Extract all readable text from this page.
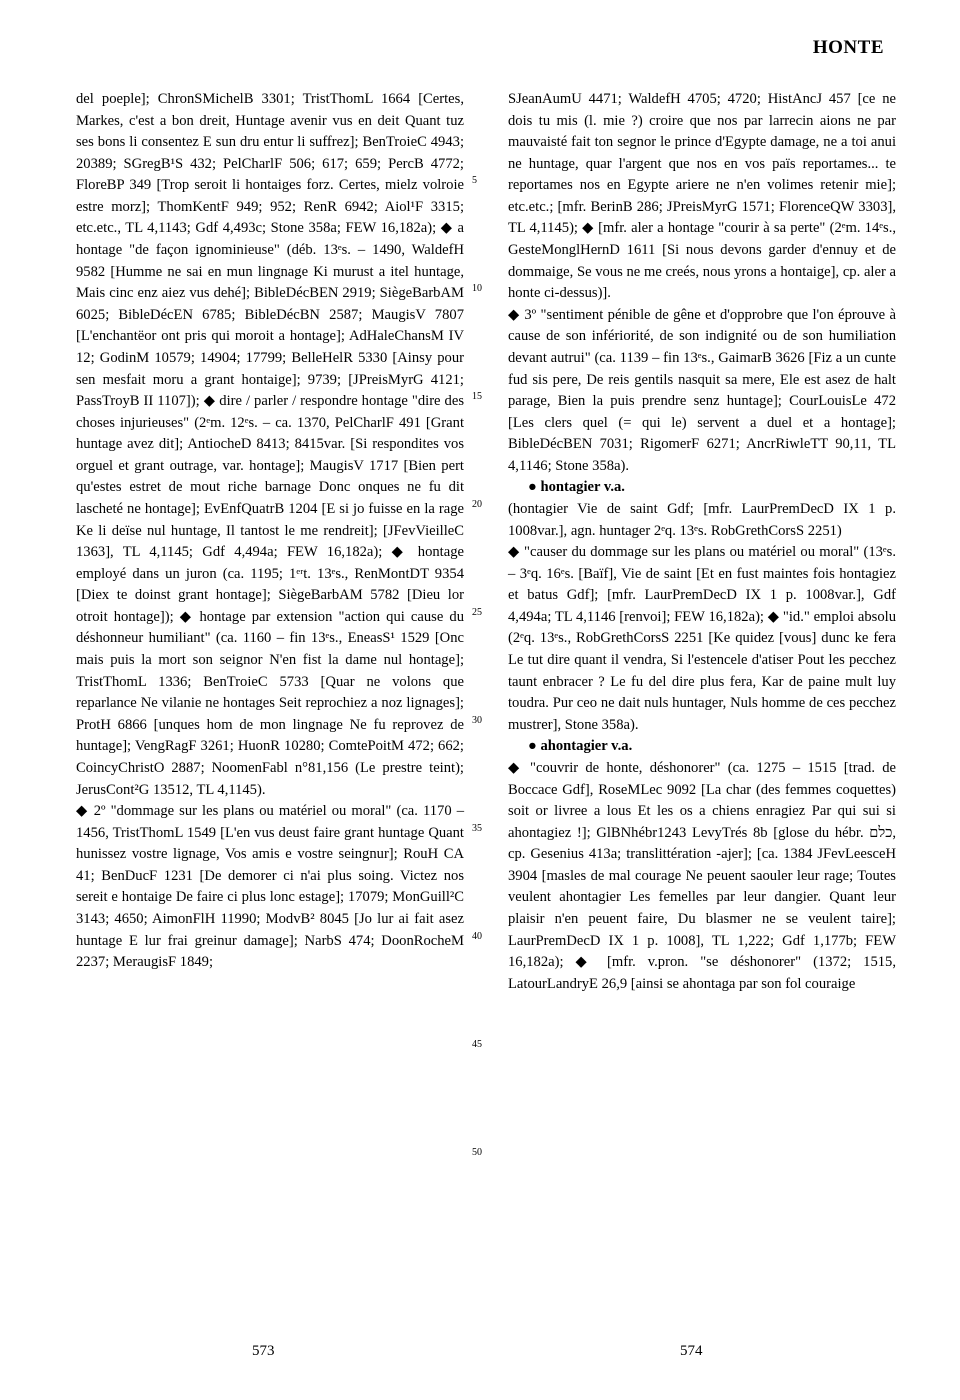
HONTE

del poeple]; ChronSMichelB 3301; TristThomL 1664 [Certes, Markes, c'est a bon dreit, Huntage avenir vus en deit Quant tuz ses bons li consentez E sun dru entur li suffrez]; BenTroieC 4943; 20389; SGregB¹S 432; PelCharlF 506; 617; 659; PercB 4772; FloreBP 349 [Trop seroit li hontaiges forz. Certes, mielz volroie estre morz]; ThomKentF 949; 952; RenR 6942; Aiol¹F 3315; etc.etc., TL 4,1143; Gdf 4,493c; Stone 358a; FEW 16,182a); ◆ a hontage "de façon ignominieuse" (déb. 13ᵉs. – 1490, WaldefH 9582 [Humme ne sai en mun lingnage Ki murust a itel huntage, Mais cinc enz aiez vus dehé]; BibleDécBEN 2919; SiègeBarbAM 6025; BibleDécEN 6785; BibleDécBN 2587; MaugisV 7807 [L'enchantëor ont pris qui moroit a hontage]; AdHaleChansM IV 12; GodinM 10579; 14904; 17799; BelleHelR 5330 [Ainsy pour sen mesfait moru a grant hontaige]; 9739; [JPreisMyrG 4121; PassTroyB II 1107]); ◆ dire / parler / respondre hontage "dire des choses injurieuses" (2ᵉm. 12ᵉs. – ca. 1370, PelCharlF 491 [Grant huntage avez dit]; AntiocheD 8413; 8415var. [Si respondites vos orguel et grant outrage, var. hontage]; MaugisV 1717 [Bien pert qu'estes estret de mout riche barnage Donc onques ne fu dit lascheté ne hontage]; EvEnfQuatrB 1204 [E si jo fuisse en la rage Ke li deïse nul huntage, Il tantost le me rendreit]; [JFevVieilleC 1363], TL 4,1145; Gdf 4,494a; FEW 16,182a); ◆ hontage employé dans un juron (ca. 1195; 1ᵉʳt. 13ᵉs., RenMontDT 9354 [Diex te doinst grant hontage]; SiègeBarbAM 5782 [Dieu lor otroit hontage]); ◆ hontage par extension "action qui cause du déshonneur humiliant" (ca. 1160 – fin 13ᵉs., EneasS¹ 1529 [Onc mais puis la mort son seignor N'en fist la dame nul hontage]; TristThomL 1336; BenTroieC 5733 [Quar ne volons que reparlance Ne vilanie ne hontages Seit reprochiez a noz lignages]; ProtH 6866 [unques hom de mon lingnage Ne fu reprovez de huntage]; VengRagF 3261; HuonR 10280; ComtePoitM 472; 662; CoincyChristO 2887; NoomenFabl n°81,156 (Le prestre teint); JerusCont²G 13512, TL 4,1145).

◆ 2º "dommage sur les plans ou matériel ou moral" (ca. 1170 – 1456, TristThomL 1549 [L'en vus deust faire grant huntage Quant hunissez vostre lignage, Vos amis e vostre seingnur]; RouH CA 41; BenDucF 1231 [De demorer ci n'ai plus soing. Victez nos sereit e hontaige De faire ci plus lonc estage]; 17079; MonGuill²C 3143; 4650; AimonFlH 11990; ModvB² 8045 [Jo lur ai fait asez huntage E lur frai greinur damage]; NarbS 474; DoonRocheM 2237; MeraugisF 1849;

5
10
15
20
25
30
35
40
45
50

SJeanAumU 4471; WaldefH 4705; 4720; HistAncJ 457 [ce ne dois tu mis (l. mie ?) croire que nos par larrecin aions ne par mauvaisté fait ton segnor le prince d'Egypte damage, ne a toi anui ne huntage, quar l'argent que nos en vos païs reportames... te reportames nos en Egypte ariere ne n'en volimes retenir mie]; etc.etc.; [mfr. BerinB 286; JPreisMyrG 1571; FlorenceQW 3303], TL 4,1145); ◆ [mfr. aler a hontage "courir à sa perte" (2ᵉm. 14ᵉs., GesteMonglHernD 1611 [Si nous devons garder d'ennuy et de dommaige, Se vous ne me creés, nous yrons a hontaige], cp. aler a honte ci-dessus)].

◆ 3º "sentiment pénible de gêne et d'opprobre que l'on éprouve à cause de son infériorité, de son indignité ou de son humiliation devant autrui" (ca. 1139 – fin 13ᵉs., GaimarB 3626 [Fiz a un cunte fud sis pere, De reis gentils nasquit sa mere, Ele est asez de halt parage, Bien la puis prendre senz huntage]; CourLouisLe 472 [Les clers quel (= qui le) servent a duel et a hontage]; BibleDécBEN 7031; RigomerF 6271; AncrRiwleTT 90,11, TL 4,1146; Stone 358a).

● hontagier v.a.

(hontagier Vie de saint Gdf; [mfr. LaurPremDecD IX 1 p. 1008var.], agn. huntager 2ᵉq. 13ᵉs. RobGrethCorsS 2251)

◆ "causer du dommage sur les plans ou matériel ou moral" (13ᵉs. – 3ᵉq. 16ᵉs. [Baïf], Vie de saint [Et en fust maintes fois hontagiez et batus Gdf]; [mfr. LaurPremDecD IX 1 p. 1008var.], Gdf 4,494a; TL 4,1146 [renvoi]; FEW 16,182a); ◆ "id." emploi absolu (2ᵉq. 13ᵉs., RobGrethCorsS 2251 [Ke quidez [vous] dunc ke fera Le tut dire quant il vendra, Si l'estencele d'atiser Pout les pecchez taunt enbracer ? Le fu del dire plus fera, Kar de paine mult luy toudra. Pur ceo ne dait nuls huntager, Nuls homme de ces pecchez mustrer], Stone 358a).

● ahontagier v.a.

◆ "couvrir de honte, déshonorer" (ca. 1275 – 1515 [trad. de Boccace Gdf], RoseMLec 9092 [La char (des femmes coquettes) soit or livree a lous Et les os a chiens enragiez Par qui sui si ahontagiez !]; GlBNhébr1243 LevyTrés 8b [glose du hébr. כלם, cp. Gesenius 413a; translittération -ajer]; [ca. 1384 JFevLeesceH 3904 [masles de mal courage Ne peuent saouler leur rage; Toutes veulent ahontagier Les femelles par leur dangier. Quant leur plaisir n'en peuent faire, Du blasmer ne se veulent taire]; LaurPremDecD IX 1 p. 1008], TL 1,222; Gdf 1,177b; FEW 16,182a); ◆ [mfr. v.pron. "se déshonorer" (1372; 1515, LatourLandryE 26,9 [ainsi se ahontaga par son fol couraige

573	574
